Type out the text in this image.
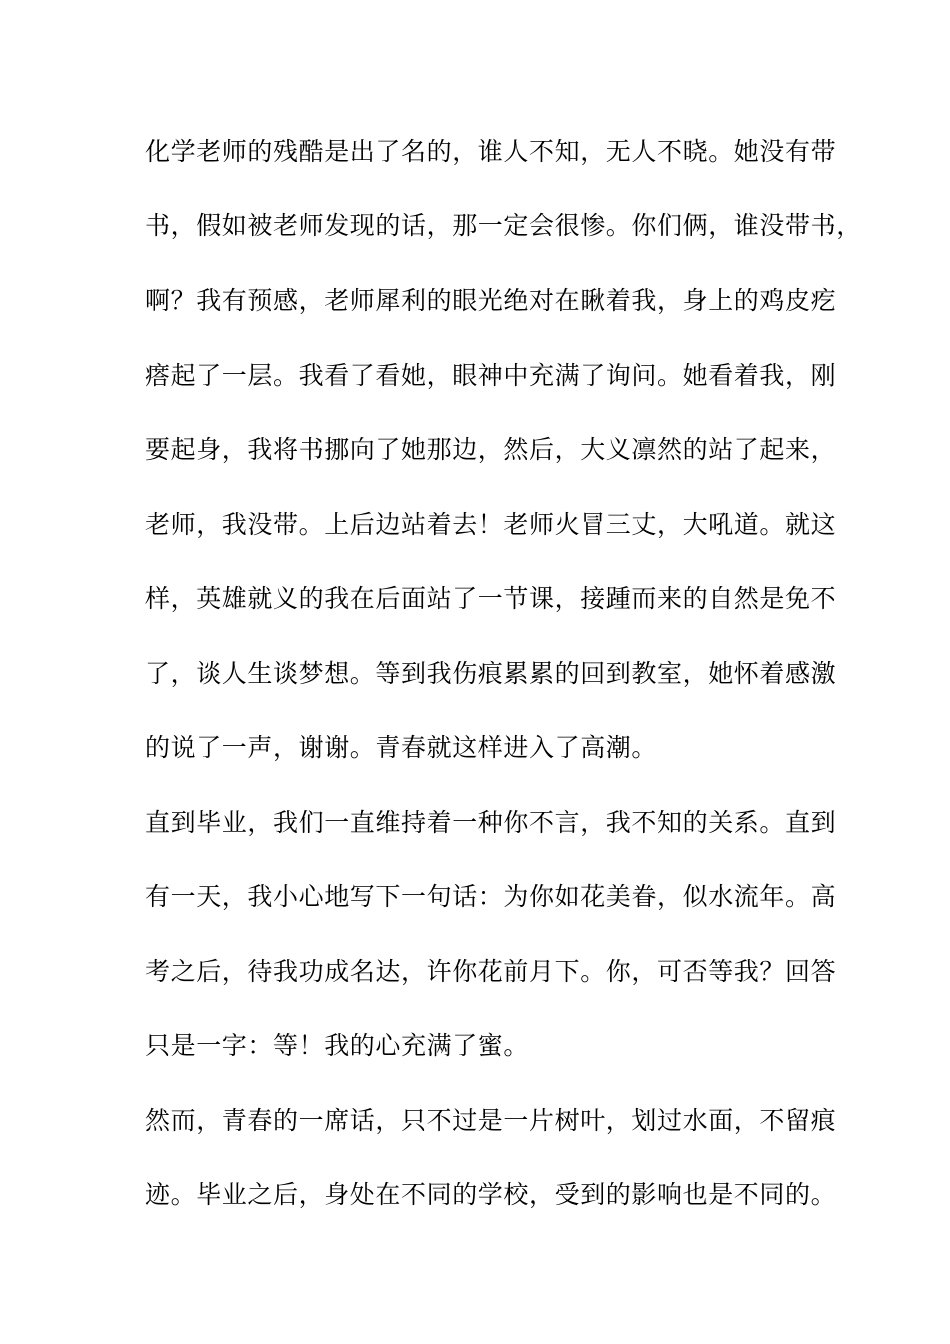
化学老师的残酷是出了名的，谁人不知，无人不晓。她没有带
书，假如被老师发现的话，那一定会很惨。你们俩，谁没带书，
啊？我有预感，老师犀利的眼光绝对在瞅着我，身上的鸡皮疙
瘩起了一层。我看了看她，眼神中充满了询问。她看着我，刚
要起身，我将书挪向了她那边，然后，大义凛然的站了起来，
老师，我没带。上后边站着去！老师火冒三丈，大吼道。就这
样，英雄就义的我在后面站了一节课，接踵而来的自然是免不
了，谈人生谈梦想。等到我伤痕累累的回到教室，她怀着感激
的说了一声，谢谢。青春就这样进入了高潮。
直到毕业，我们一直维持着一种你不言，我不知的关系。直到
有一天，我小心地写下一句话：为你如花美眷，似水流年。高
考之后，待我功成名达，许你花前月下。你，可否等我？回答
只是一字：等！我的心充满了蜜。
然而，青春的一席话，只不过是一片树叶，划过水面，不留痕
迹。毕业之后，身处在不同的学校，受到的影响也是不同的。
